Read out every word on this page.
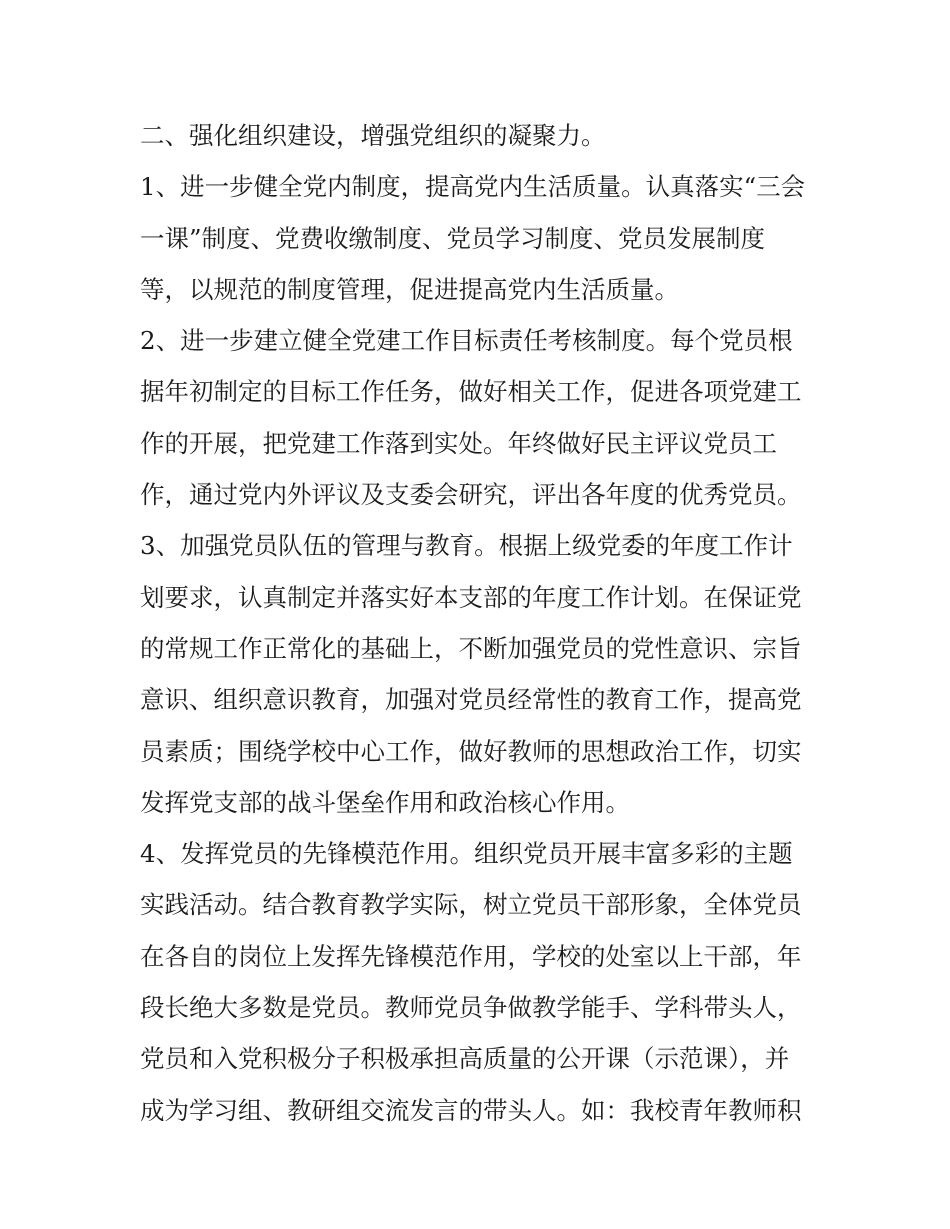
二、强化组织建设，增强党组织的凝聚力。
1、进一步健全党内制度，提高党内生活质量。认真落实“三会
一课”制度、党费收缴制度、党员学习制度、党员发展制度
等，以规范的制度管理，促进提高党内生活质量。
2、进一步建立健全党建工作目标责任考核制度。每个党员根
据年初制定的目标工作任务，做好相关工作，促进各项党建工
作的开展，把党建工作落到实处。年终做好民主评议党员工
作，通过党内外评议及支委会研究，评出各年度的优秀党员。
3、加强党员队伍的管理与教育。根据上级党委的年度工作计
划要求，认真制定并落实好本支部的年度工作计划。在保证党
的常规工作正常化的基础上，不断加强党员的党性意识、宗旨
意识、组织意识教育，加强对党员经常性的教育工作，提高党
员素质；围绕学校中心工作，做好教师的思想政治工作，切实
发挥党支部的战斗堡垒作用和政治核心作用。
4、发挥党员的先锋模范作用。组织党员开展丰富多彩的主题
实践活动。结合教育教学实际，树立党员干部形象，全体党员
在各自的岗位上发挥先锋模范作用，学校的处室以上干部，年
段长绝大多数是党员。教师党员争做教学能手、学科带头人，
党员和入党积极分子积极承担高质量的公开课（示范课），并
成为学习组、教研组交流发言的带头人。如：我校青年教师积
